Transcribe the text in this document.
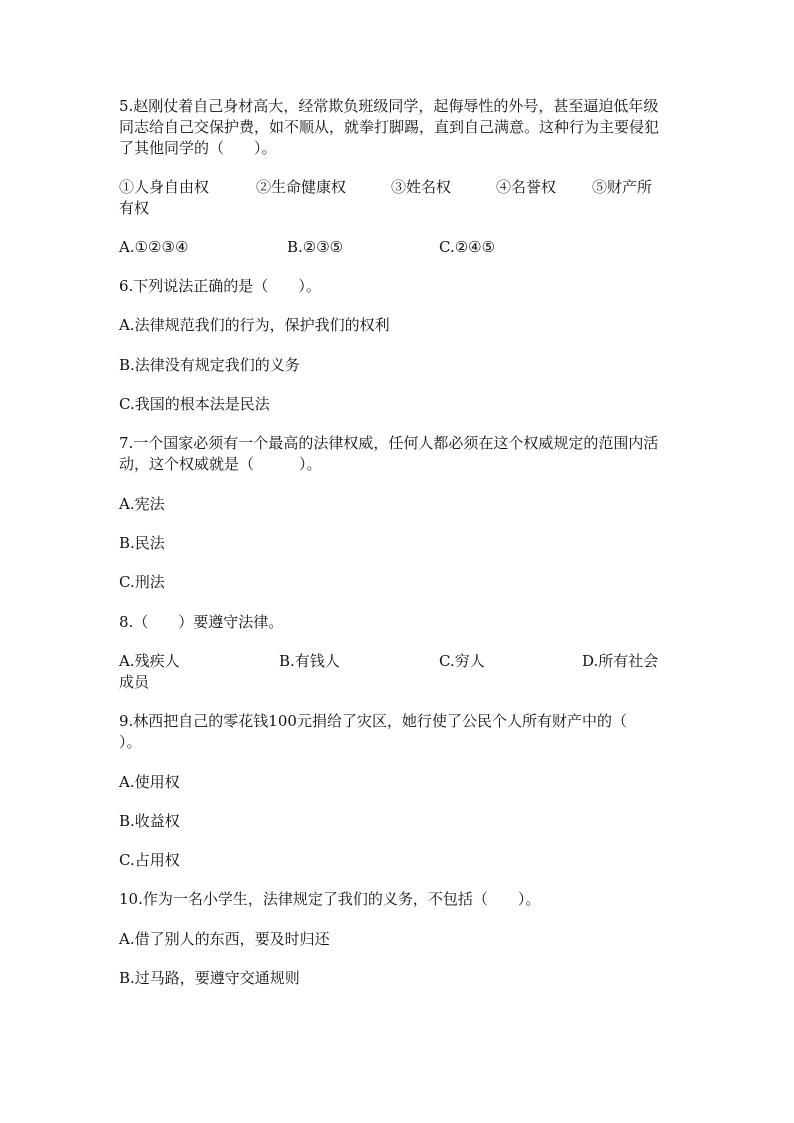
5.赵刚仗着自己身材高大，经常欺负班级同学，起侮辱性的外号，甚至逼迫低年级同志给自己交保护费，如不顺从，就拳打脚踢，直到自己满意。这种行为主要侵犯了其他同学的（　　）。
①人身自由权	②生命健康权	③姓名权	④名誉权 ⑤财产所
有权
A.①②③④	B.②③⑤	C.②④⑤
6.下列说法正确的是（　　）。
A.法律规范我们的行为，保护我们的权利
B.法律没有规定我们的义务
C.我国的根本法是民法
7.一个国家必须有一个最高的法律权威，任何人都必须在这个权威规定的范围内活动，这个权威就是（　　　）。
A.宪法
B.民法
C.刑法
8.（　　）要遵守法律。
A.残疾人	B.有钱人	C.穷人	D.所有社会
成员
9.林西把自己的零花钱100元捐给了灾区，她行使了公民个人所有财产中的（　　）。
A.使用权
B.收益权
C.占用权
10.作为一名小学生，法律规定了我们的义务，不包括（　　）。
A.借了别人的东西，要及时归还
B.过马路，要遵守交通规则
